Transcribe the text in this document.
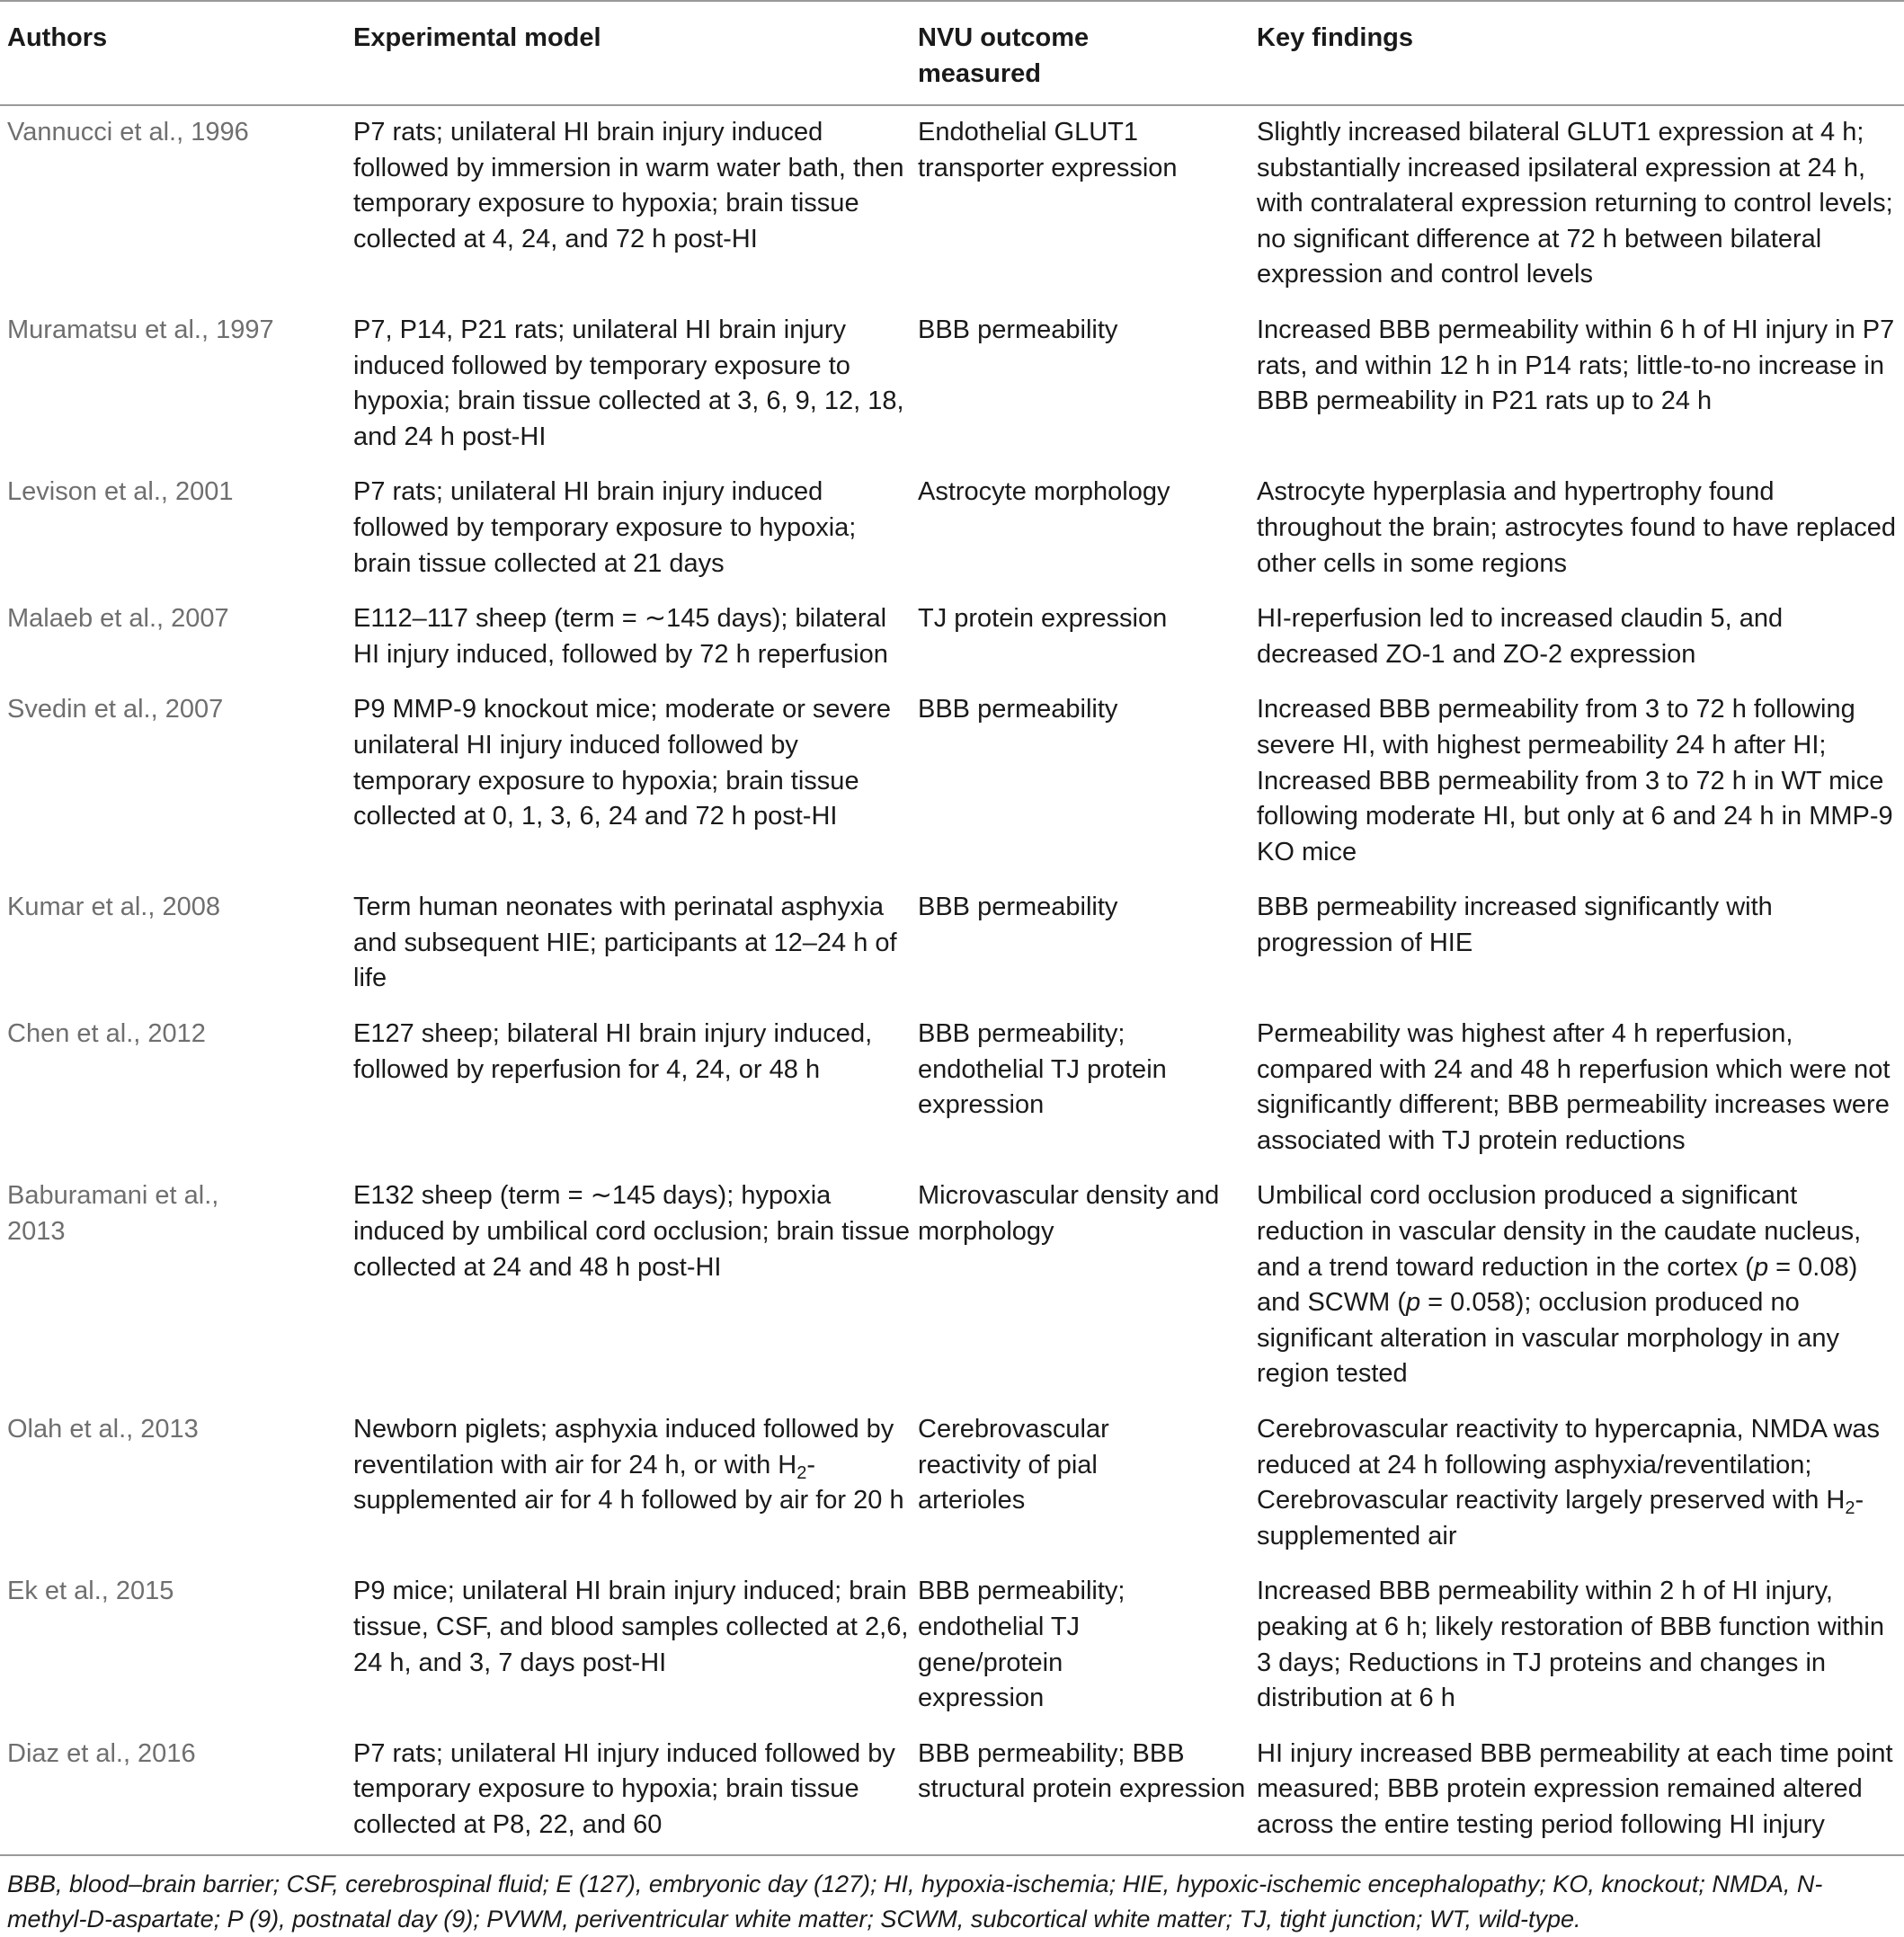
Authors	Experimental model	NVU outcome measured	Key findings
Vannucci et al., 1996	P7 rats; unilateral HI brain injury induced followed by immersion in warm water bath, then temporary exposure to hypoxia; brain tissue collected at 4, 24, and 72 h post-HI	Endothelial GLUT1 transporter expression	Slightly increased bilateral GLUT1 expression at 4 h; substantially increased ipsilateral expression at 24 h, with contralateral expression returning to control levels; no significant difference at 72 h between bilateral expression and control levels
Muramatsu et al., 1997	P7, P14, P21 rats; unilateral HI brain injury induced followed by temporary exposure to hypoxia; brain tissue collected at 3, 6, 9, 12, 18, and 24 h post-HI	BBB permeability	Increased BBB permeability within 6 h of HI injury in P7 rats, and within 12 h in P14 rats; little-to-no increase in BBB permeability in P21 rats up to 24 h
Levison et al., 2001	P7 rats; unilateral HI brain injury induced followed by temporary exposure to hypoxia; brain tissue collected at 21 days	Astrocyte morphology	Astrocyte hyperplasia and hypertrophy found throughout the brain; astrocytes found to have replaced other cells in some regions
Malaeb et al., 2007	E112–117 sheep (term = ∼145 days); bilateral HI injury induced, followed by 72 h reperfusion	TJ protein expression	HI-reperfusion led to increased claudin 5, and decreased ZO-1 and ZO-2 expression
Svedin et al., 2007	P9 MMP-9 knockout mice; moderate or severe unilateral HI injury induced followed by temporary exposure to hypoxia; brain tissue collected at 0, 1, 3, 6, 24 and 72 h post-HI	BBB permeability	Increased BBB permeability from 3 to 72 h following severe HI, with highest permeability 24 h after HI; Increased BBB permeability from 3 to 72 h in WT mice following moderate HI, but only at 6 and 24 h in MMP-9 KO mice
Kumar et al., 2008	Term human neonates with perinatal asphyxia and subsequent HIE; participants at 12–24 h of life	BBB permeability	BBB permeability increased significantly with progression of HIE
Chen et al., 2012	E127 sheep; bilateral HI brain injury induced, followed by reperfusion for 4, 24, or 48 h	BBB permeability; endothelial TJ protein expression	Permeability was highest after 4 h reperfusion, compared with 24 and 48 h reperfusion which were not significantly different; BBB permeability increases were associated with TJ protein reductions
Baburamani et al., 2013	E132 sheep (term = ∼145 days); hypoxia induced by umbilical cord occlusion; brain tissue collected at 24 and 48 h post-HI	Microvascular density and morphology	Umbilical cord occlusion produced a significant reduction in vascular density in the caudate nucleus, and a trend toward reduction in the cortex (p = 0.08) and SCWM (p = 0.058); occlusion produced no significant alteration in vascular morphology in any region tested
Olah et al., 2013	Newborn piglets; asphyxia induced followed by reventilation with air for 24 h, or with $H_2$-supplemented air for 4 h followed by air for 20 h	Cerebrovascular reactivity of pial arterioles	Cerebrovascular reactivity to hypercapnia, NMDA was reduced at 24 h following asphyxia/reventilation; Cerebrovascular reactivity largely preserved with $H_2$-supplemented air
Ek et al., 2015	P9 mice; unilateral HI brain injury induced; brain tissue, CSF, and blood samples collected at 2,6, 24 h, and 3, 7 days post-HI	BBB permeability; endothelial TJ gene/protein expression	Increased BBB permeability within 2 h of HI injury, peaking at 6 h; likely restoration of BBB function within 3 days; Reductions in TJ proteins and changes in distribution at 6 h
Diaz et al., 2016	P7 rats; unilateral HI injury induced followed by temporary exposure to hypoxia; brain tissue collected at P8, 22, and 60	BBB permeability; BBB structural protein expression	HI injury increased BBB permeability at each time point measured; BBB protein expression remained altered across the entire testing period following HI injury
BBB, blood–brain barrier; CSF, cerebrospinal fluid; E (127), embryonic day (127); HI, hypoxia-ischemia; HIE, hypoxic-ischemic encephalopathy; KO, knockout; NMDA, N-methyl-D-aspartate; P (9), postnatal day (9); PVWM, periventricular white matter; SCWM, subcortical white matter; TJ, tight junction; WT, wild-type.
